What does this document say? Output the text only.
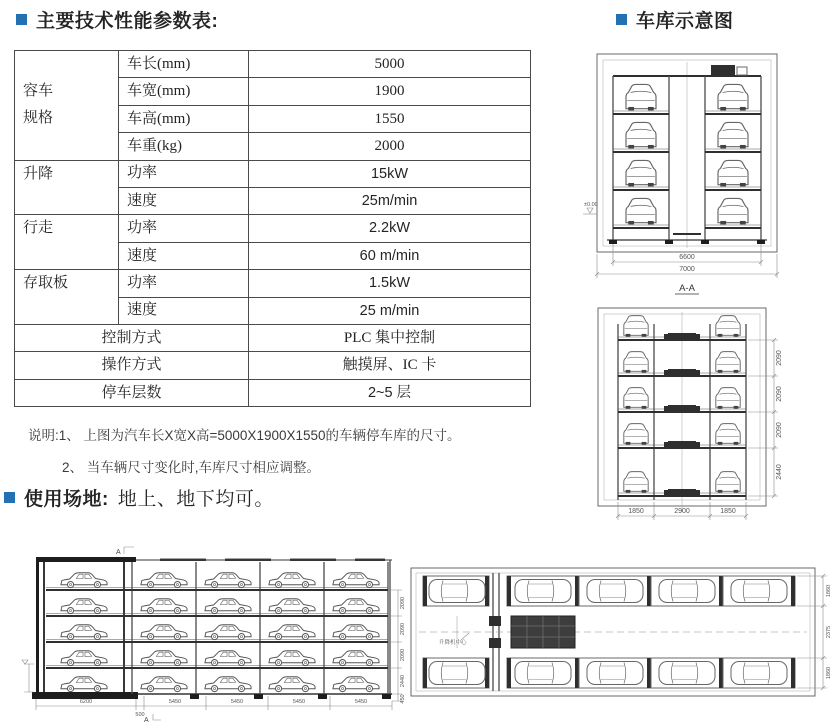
主要技术性能参数表:	车库示意图
容车规格	车长(mm)	5000
	车宽(mm)	1900
	车高(mm)	1550
	车重(kg)	2000
升降	功率	15kW
	速度	25m/min
行走	功率	2.2kW
	速度	60 m/min
存取板	功率	1.5kW
	速度	25 m/min
控制方式		PLC 集中控制
操作方式		触摸屏、IC 卡
停车层数		2~5 层
说明:1、 上图为汽车长X宽X高=5000X1900X1550的车辆停车库的尺寸。
2、 当车辆尺寸变化时,车库尺寸相应调整。
使用场地: 地上、地下均可。
±0.00
6600
7000
A-A
2090
2090
2090
2440
1850	2900	1850
A
2090
2090
2090
2440
450
6200
500
5450	5450	5450	5450
A
升降机中心
1860
2375
1860
